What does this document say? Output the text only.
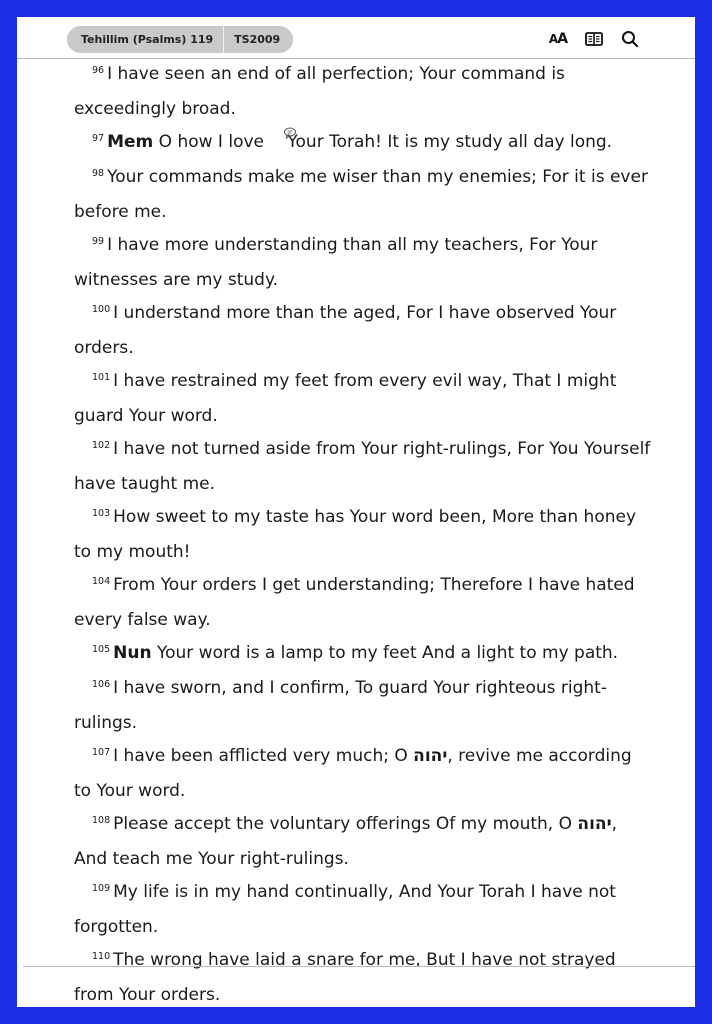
Tehillim (Psalms) 119	TS2009	A A

$^{96}$ I have seen an end of all perfection; Your command is exceedingly broad.

$^{97}$ Mem O how I love Your Torah! It is my study all day long.

$^{98}$ Your commands make me wiser than my enemies; For it is ever before me.

$^{99}$ I have more understanding than all my teachers, For Your witnesses are my study.

$^{100}$ I understand more than the aged, For I have observed Your orders.

$^{101}$ I have restrained my feet from every evil way, That I might guard Your word.

$^{102}$ I have not turned aside from Your right-rulings, For You Yourself have taught me.

$^{103}$ How sweet to my taste has Your word been, More than honey to my mouth!

$^{104}$ From Your orders I get understanding; Therefore I have hated every false way.

$^{105}$ Nun Your word is a lamp to my feet And a light to my path.

$^{106}$ I have sworn, and I confirm, To guard Your righteous right-rulings.

$^{107}$ I have been afflicted very much; O יהוה, revive me according to Your word.

$^{108}$ Please accept the voluntary offerings Of my mouth, O יהוה, And teach me Your right-rulings.

$^{109}$ My life is in my hand continually, And Your Torah I have not forgotten.

$^{110}$ The wrong have laid a snare for me, But I have not strayed from Your orders.
